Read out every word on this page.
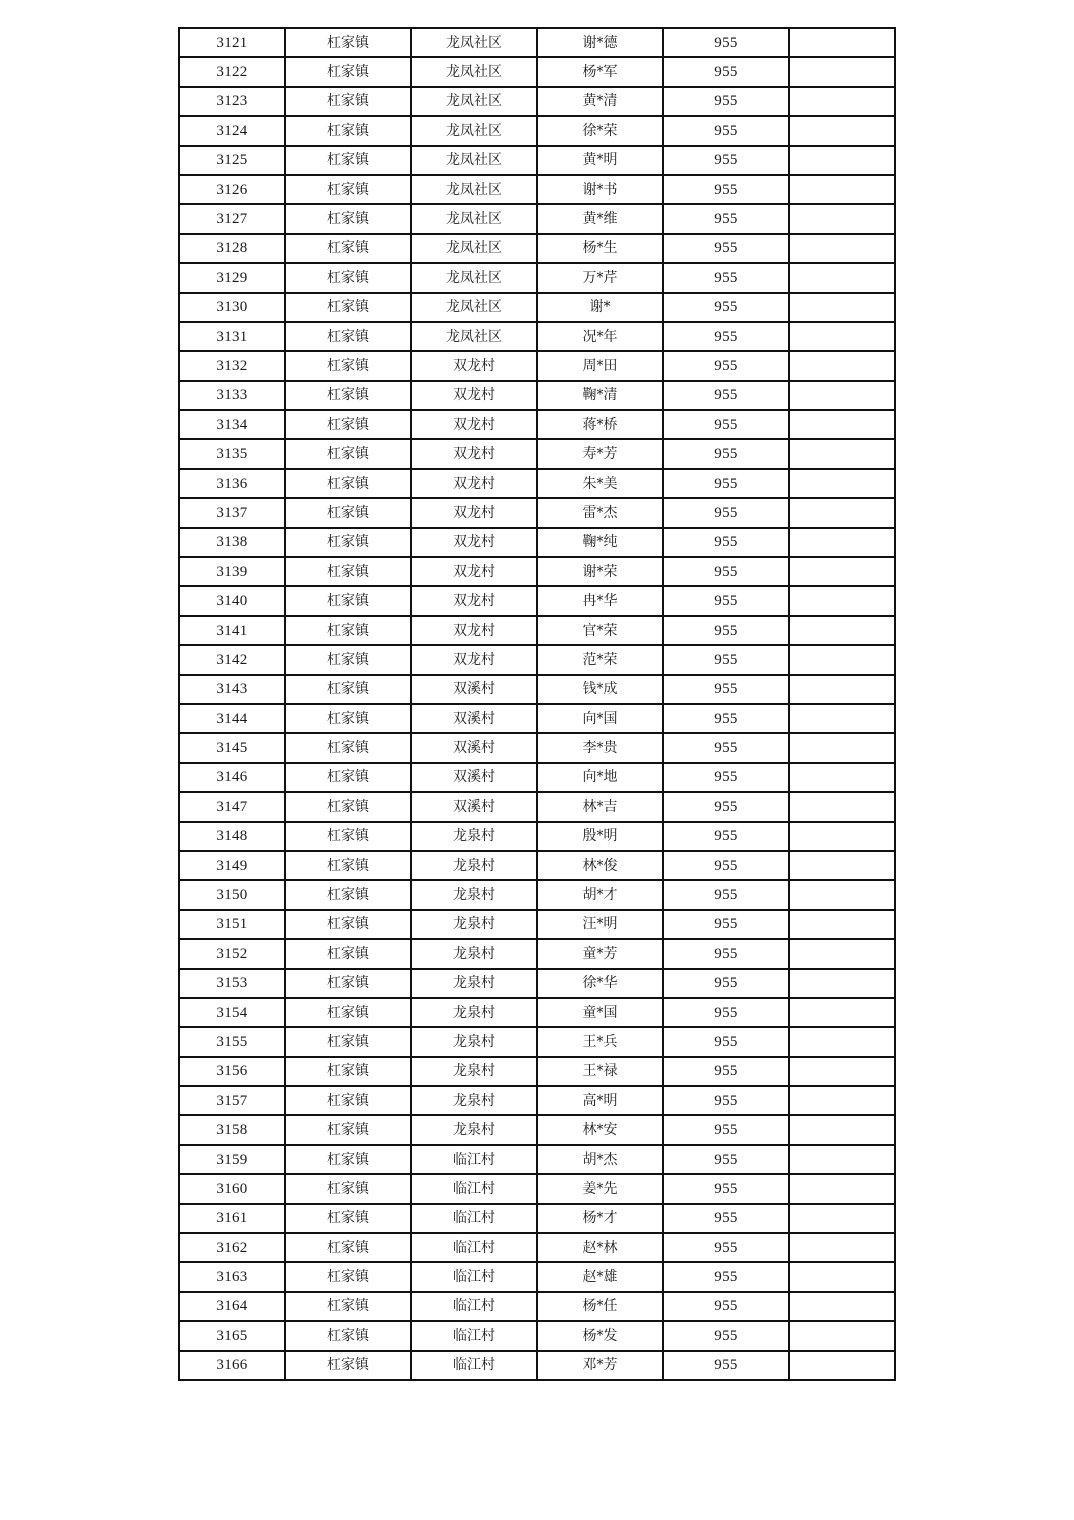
3121	杠家镇	龙凤社区	谢*德	955	
3122	杠家镇	龙凤社区	杨*军	955	
3123	杠家镇	龙凤社区	黄*清	955	
3124	杠家镇	龙凤社区	徐*荣	955	
3125	杠家镇	龙凤社区	黄*明	955	
3126	杠家镇	龙凤社区	谢*书	955	
3127	杠家镇	龙凤社区	黄*维	955	
3128	杠家镇	龙凤社区	杨*生	955	
3129	杠家镇	龙凤社区	万*芹	955	
3130	杠家镇	龙凤社区	谢*	955	
3131	杠家镇	龙凤社区	况*年	955	
3132	杠家镇	双龙村	周*田	955	
3133	杠家镇	双龙村	鞠*清	955	
3134	杠家镇	双龙村	蒋*桥	955	
3135	杠家镇	双龙村	寿*芳	955	
3136	杠家镇	双龙村	朱*美	955	
3137	杠家镇	双龙村	雷*杰	955	
3138	杠家镇	双龙村	鞠*纯	955	
3139	杠家镇	双龙村	谢*荣	955	
3140	杠家镇	双龙村	冉*华	955	
3141	杠家镇	双龙村	官*荣	955	
3142	杠家镇	双龙村	范*荣	955	
3143	杠家镇	双溪村	钱*成	955	
3144	杠家镇	双溪村	向*国	955	
3145	杠家镇	双溪村	李*贵	955	
3146	杠家镇	双溪村	向*地	955	
3147	杠家镇	双溪村	林*吉	955	
3148	杠家镇	龙泉村	殷*明	955	
3149	杠家镇	龙泉村	林*俊	955	
3150	杠家镇	龙泉村	胡*才	955	
3151	杠家镇	龙泉村	汪*明	955	
3152	杠家镇	龙泉村	童*芳	955	
3153	杠家镇	龙泉村	徐*华	955	
3154	杠家镇	龙泉村	童*国	955	
3155	杠家镇	龙泉村	王*兵	955	
3156	杠家镇	龙泉村	王*禄	955	
3157	杠家镇	龙泉村	高*明	955	
3158	杠家镇	龙泉村	林*安	955	
3159	杠家镇	临江村	胡*杰	955	
3160	杠家镇	临江村	姜*先	955	
3161	杠家镇	临江村	杨*才	955	
3162	杠家镇	临江村	赵*林	955	
3163	杠家镇	临江村	赵*雄	955	
3164	杠家镇	临江村	杨*任	955	
3165	杠家镇	临江村	杨*发	955	
3166	杠家镇	临江村	邓*芳	955	
